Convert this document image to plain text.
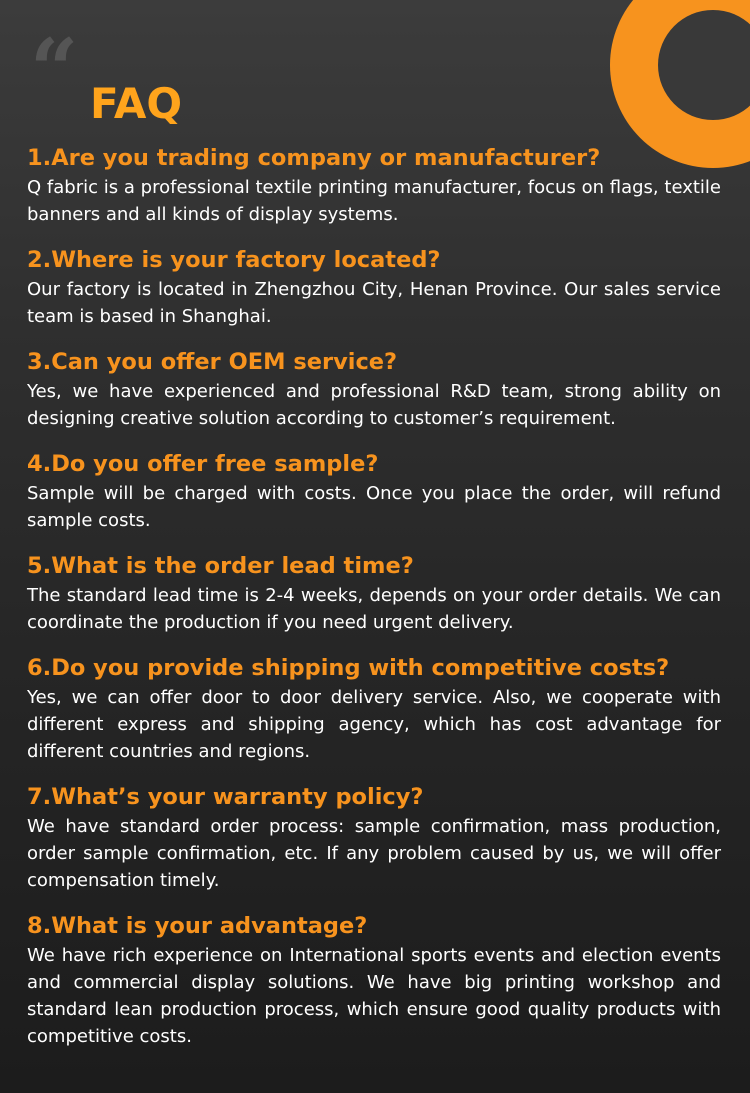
“ FAQ
1.Are you trading company or manufacturer?

Q fabric is a professional textile printing manufacturer, focus on flags, textile banners and all kinds of display systems.

2.Where is your factory located?

Our factory is located in Zhengzhou City, Henan Province. Our sales service team is based in Shanghai.

3.Can you offer OEM service?

Yes, we have experienced and professional R&D team, strong ability on designing creative solution according to customer’s requirement.

4.Do you offer free sample?

Sample will be charged with costs. Once you place the order, will refund sample costs.

5.What is the order lead time?

The standard lead time is 2-4 weeks, depends on your order details. We can coordinate the production if you need urgent delivery.

6.Do you provide shipping with competitive costs?

Yes, we can offer door to door delivery service. Also, we cooperate with different express and shipping agency, which has cost advantage for different countries and regions.

7.What’s your warranty policy?

We have standard order process: sample confirmation, mass production, order sample confirmation, etc. If any problem caused by us, we will offer compensation timely.

8.What is your advantage?

We have rich experience on International sports events and election events and commercial display solutions. We have big printing workshop and standard lean production process, which ensure good quality products with competitive costs.
